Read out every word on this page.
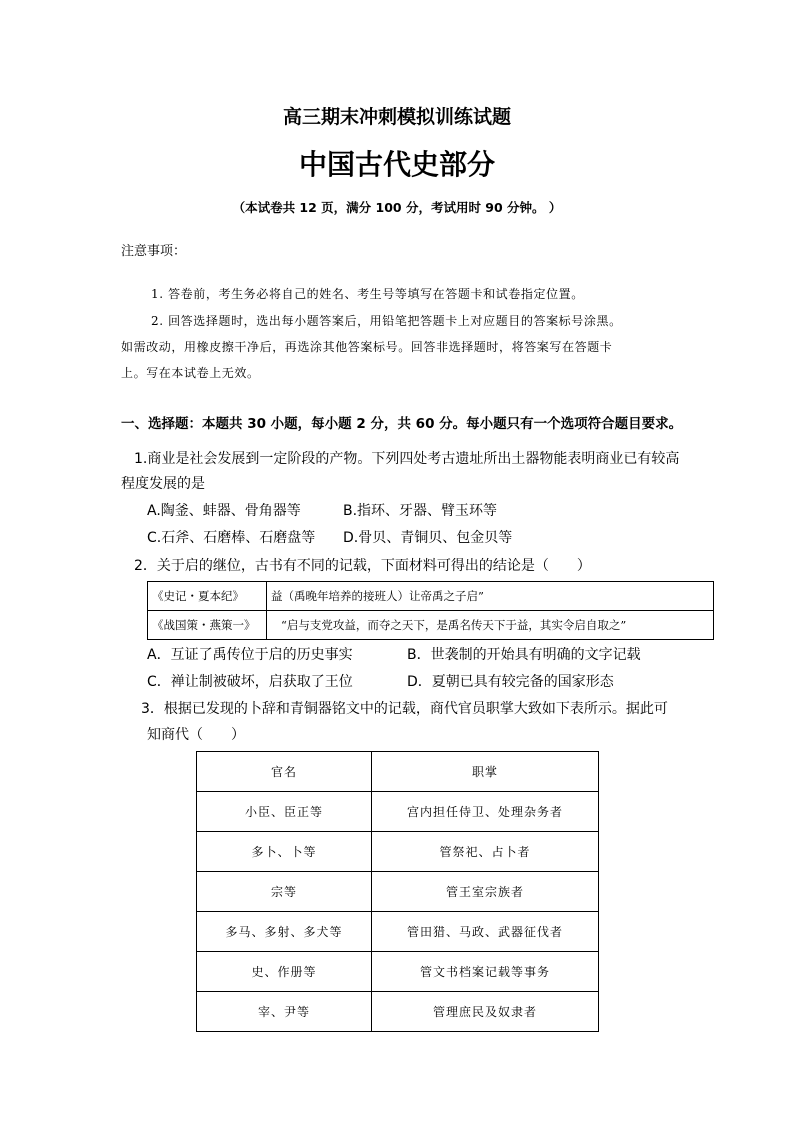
高三期末冲刺模拟训练试题
中国古代史部分
（本试卷共 12 页，满分 100 分，考试用时 90 分钟。 ）
注意事项：
1. 答卷前，考生务必将自己的姓名、考生号等填写在答题卡和试卷指定位置。
2. 回答选择题时，选出每小题答案后，用铅笔把答题卡上对应题目的答案标号涂黑。
如需改动，用橡皮擦干净后，再选涂其他答案标号。回答非选择题时，将答案写在答题卡
上。写在本试卷上无效。
一、选择题：本题共 30 小题，每小题 2 分，共 60 分。每小题只有一个选项符合题目要求。
1.商业是社会发展到一定阶段的产物。下列四处考古遗址所出土器物能表明商业已有较高
程度发展的是
A.陶釜、蚌器、骨角器等	B.指环、牙器、臂玉环等
C.石斧、石磨棒、石磨盘等 D.骨贝、青铜贝、包金贝等
2．关于启的继位，古书有不同的记载，下面材料可得出的结论是（　　）
《史记・夏本纪》	益（禹晚年培养的接班人）让帝禹之子启”
《战国策・燕策一》	“启与支党攻益，而夺之天下，是禹名传天下于益，其实令启自取之”
A．互证了禹传位于启的历史事实	B．世袭制的开始具有明确的文字记载
C．禅让制被破坏，启获取了王位	D．夏朝已具有较完备的国家形态
3．根据已发现的卜辞和青铜器铭文中的记载，商代官员职掌大致如下表所示。据此可
知商代（　　）
官名	职掌
小臣、臣正等	宫内担任侍卫、处理杂务者
多卜、卜等	管祭祀、占卜者
宗等	管王室宗族者
多马、多射、多犬等	管田猎、马政、武器征伐者
史、作册等	管文书档案记载等事务
宰、尹等	管理庶民及奴隶者
